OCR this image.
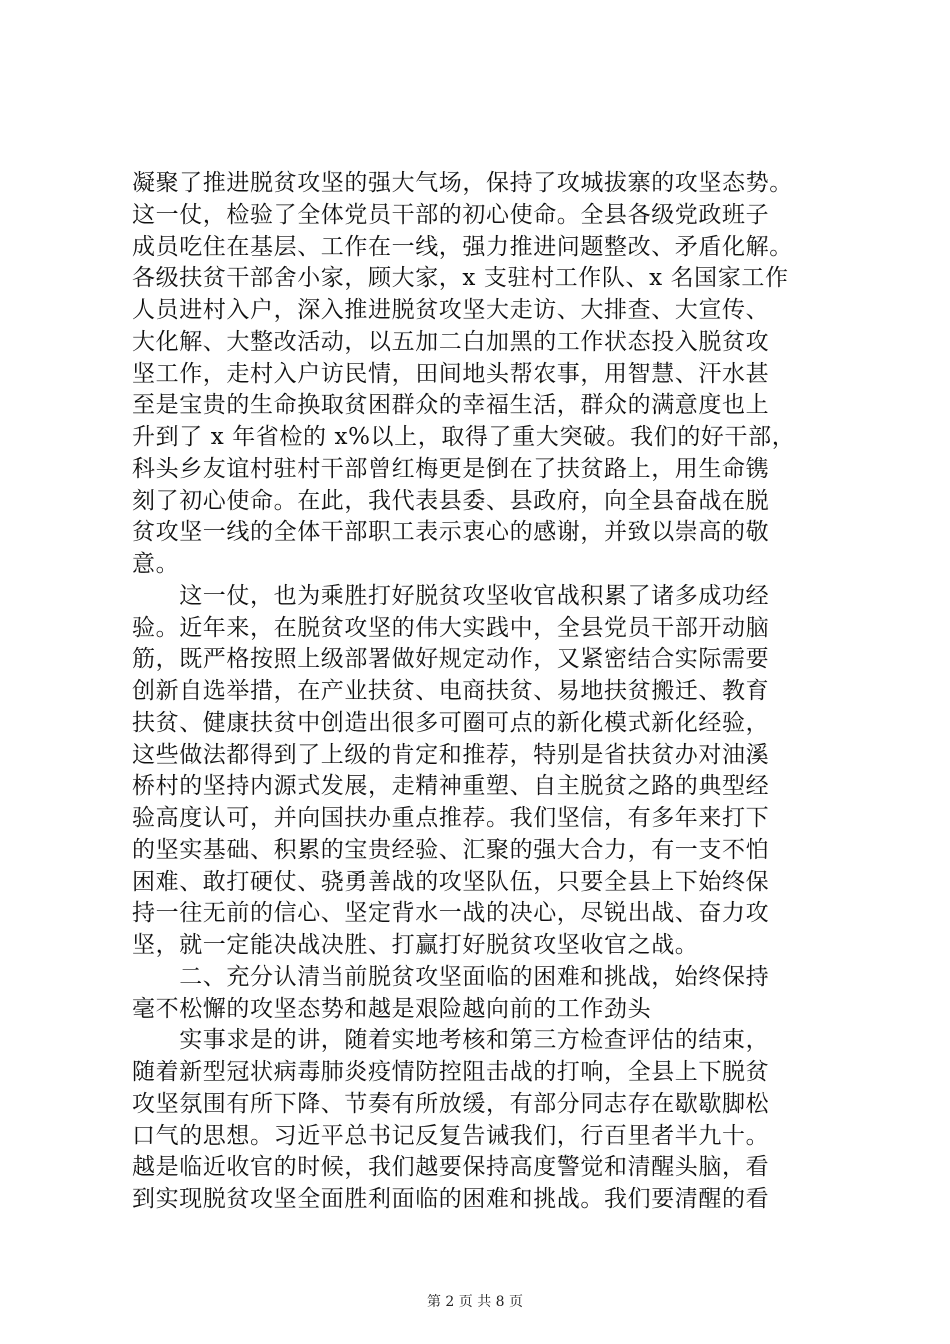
凝聚了推进脱贫攻坚的强大气场，保持了攻城拔寨的攻坚态势。
这一仗，检验了全体党员干部的初心使命。全县各级党政班子
成员吃住在基层、工作在一线，强力推进问题整改、矛盾化解。
各级扶贫干部舍小家，顾大家，x 支驻村工作队、x 名国家工作
人员进村入户，深入推进脱贫攻坚大走访、大排查、大宣传、
大化解、大整改活动，以五加二白加黑的工作状态投入脱贫攻
坚工作，走村入户访民情，田间地头帮农事，用智慧、汗水甚
至是宝贵的生命换取贫困群众的幸福生活，群众的满意度也上
升到了 x 年省检的 x%以上，取得了重大突破。我们的好干部，
科头乡友谊村驻村干部曾红梅更是倒在了扶贫路上，用生命镌
刻了初心使命。在此，我代表县委、县政府，向全县奋战在脱
贫攻坚一线的全体干部职工表示衷心的感谢，并致以崇高的敬
意。
　　这一仗，也为乘胜打好脱贫攻坚收官战积累了诸多成功经
验。近年来，在脱贫攻坚的伟大实践中，全县党员干部开动脑
筋，既严格按照上级部署做好规定动作，又紧密结合实际需要
创新自选举措，在产业扶贫、电商扶贫、易地扶贫搬迁、教育
扶贫、健康扶贫中创造出很多可圈可点的新化模式新化经验，
这些做法都得到了上级的肯定和推荐，特别是省扶贫办对油溪
桥村的坚持内源式发展，走精神重塑、自主脱贫之路的典型经
验高度认可，并向国扶办重点推荐。我们坚信，有多年来打下
的坚实基础、积累的宝贵经验、汇聚的强大合力，有一支不怕
困难、敢打硬仗、骁勇善战的攻坚队伍，只要全县上下始终保
持一往无前的信心、坚定背水一战的决心，尽锐出战、奋力攻
坚，就一定能决战决胜、打赢打好脱贫攻坚收官之战。
　　二、充分认清当前脱贫攻坚面临的困难和挑战，始终保持
毫不松懈的攻坚态势和越是艰险越向前的工作劲头
　　实事求是的讲，随着实地考核和第三方检查评估的结束，
随着新型冠状病毒肺炎疫情防控阻击战的打响，全县上下脱贫
攻坚氛围有所下降、节奏有所放缓，有部分同志存在歇歇脚松
口气的思想。习近平总书记反复告诫我们，行百里者半九十。
越是临近收官的时候，我们越要保持高度警觉和清醒头脑，看
到实现脱贫攻坚全面胜利面临的困难和挑战。我们要清醒的看
第 2 页 共 8 页
